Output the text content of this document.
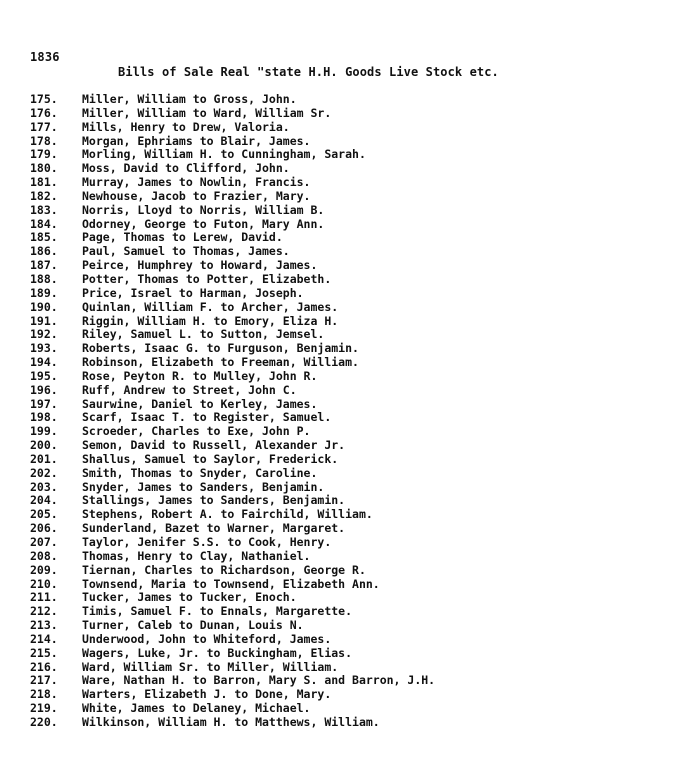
1836
Bills of Sale Real "state H.H. Goods Live Stock etc.
175.	Miller, William to Gross, John.
176.	Miller, William to Ward, William Sr.
177.	Mills, Henry to Drew, Valoria.
178.	Morgan, Ephriams to Blair, James.
179.	Morling, William H. to Cunningham, Sarah.
180.	Moss, David to Clifford, John.
181.	Murray, James to Nowlin, Francis.
182.	Newhouse, Jacob to Frazier, Mary.
183.	Norris, Lloyd to Norris, William B.
184.	Odorney, George to Futon, Mary Ann.
185.	Page, Thomas to Lerew, David.
186.	Paul, Samuel to Thomas, James.
187.	Peirce, Humphrey to Howard, James.
188.	Potter, Thomas to Potter, Elizabeth.
189.	Price, Israel to Harman, Joseph.
190.	Quinlan, William F. to Archer, James.
191.	Riggin, William H. to Emory, Eliza H.
192.	Riley, Samuel L. to Sutton, Jemsel.
193.	Roberts, Isaac G. to Furguson, Benjamin.
194.	Robinson, Elizabeth to Freeman, William.
195.	Rose, Peyton R. to Mulley, John R.
196.	Ruff, Andrew to Street, John C.
197.	Saurwine, Daniel to Kerley, James.
198.	Scarf, Isaac T. to Register, Samuel.
199.	Scroeder, Charles to Exe, John P.
200.	Semon, David to Russell, Alexander Jr.
201.	Shallus, Samuel to Saylor, Frederick.
202.	Smith, Thomas to Snyder, Caroline.
203.	Snyder, James to Sanders, Benjamin.
204.	Stallings, James to Sanders, Benjamin.
205.	Stephens, Robert A. to Fairchild, William.
206.	Sunderland, Bazet to Warner, Margaret.
207.	Taylor, Jenifer S.S. to Cook, Henry.
208.	Thomas, Henry to Clay, Nathaniel.
209.	Tiernan, Charles to Richardson, George R.
210.	Townsend, Maria to Townsend, Elizabeth Ann.
211.	Tucker, James to Tucker, Enoch.
212.	Timis, Samuel F. to Ennals, Margarette.
213.	Turner, Caleb to Dunan, Louis N.
214.	Underwood, John to Whiteford, James.
215.	Wagers, Luke, Jr. to Buckingham, Elias.
216.	Ward, William Sr. to Miller, William.
217.	Ware, Nathan H. to Barron, Mary S. and Barron, J.H.
218.	Warters, Elizabeth J. to Done, Mary.
219.	White, James to Delaney, Michael.
220.	Wilkinson, William H. to Matthews, William.
